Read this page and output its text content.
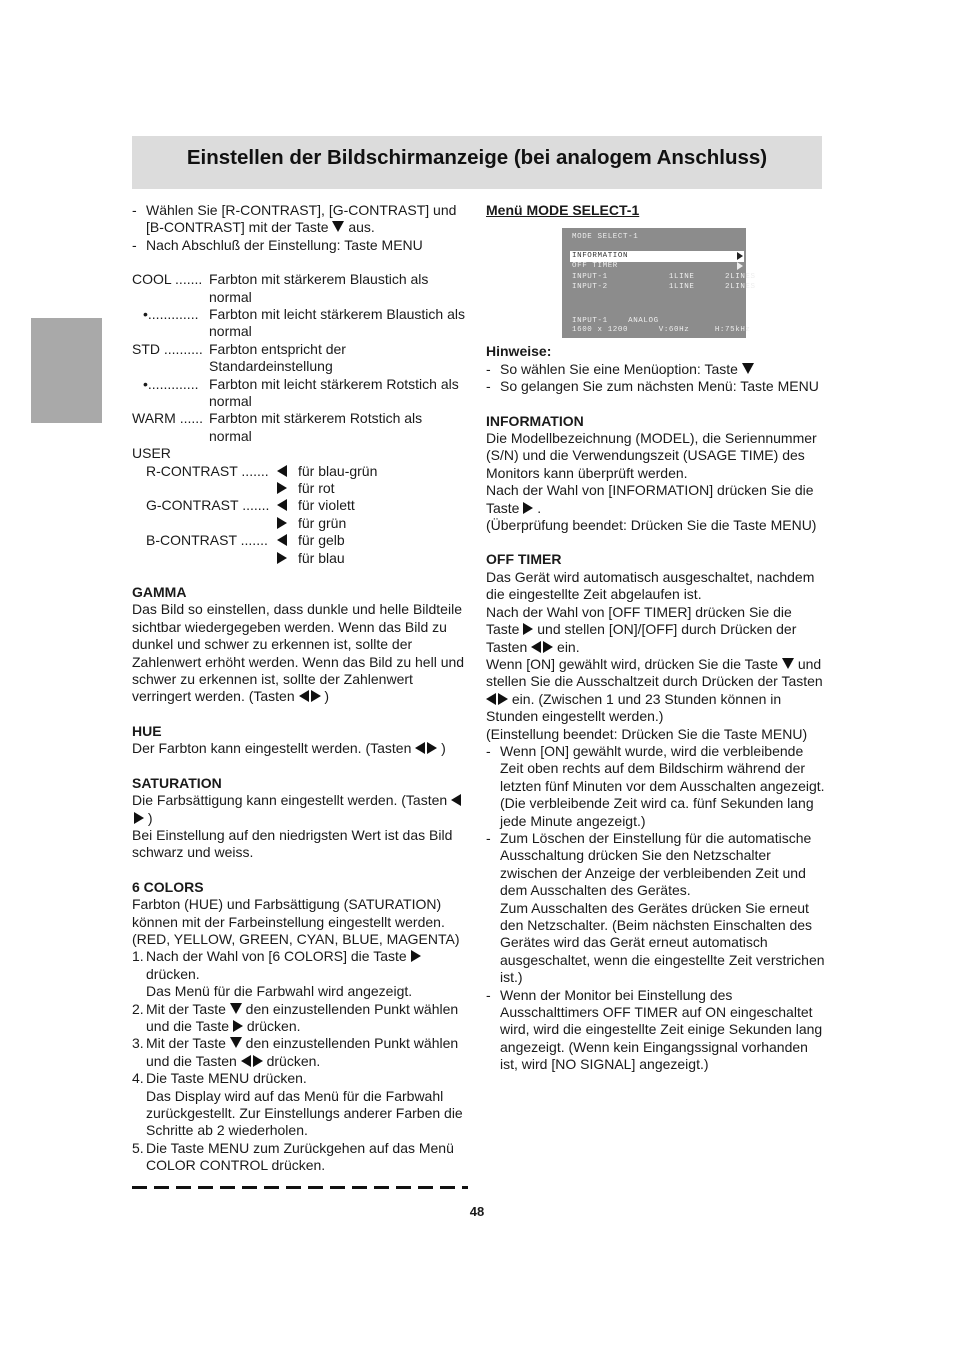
Einstellen der Bildschirmanzeige (bei analogem Anschluss)

- Wählen Sie [R-CONTRAST], [G-CONTRAST] und [B-CONTRAST] mit der Taste aus.

- Nach Abschluß der Einstellung: Taste MENU

COOL ....... Farbton mit stärkerem Blaustich als normal
•............. Farbton mit leicht stärkerem Blaustich als normal
STD .......... Farbton entspricht der Standardeinstellung
•............. Farbton mit leicht stärkerem Rotstich als normal
WARM ...... Farbton mit stärkerem Rotstich als normal

USER

R-CONTRAST ....... für blau-grün
für rot
G-CONTRAST ....... für violett
für grün
B-CONTRAST ....... für gelb
für blau

GAMMA

Das Bild so einstellen, dass dunkle und helle Bildteile sichtbar wiedergegeben werden. Wenn das Bild zu dunkel und schwer zu erkennen ist, sollte der Zahlenwert erhöht werden. Wenn das Bild zu hell und schwer zu erkennen ist, sollte der Zahlenwert verringert werden. (Tasten )

HUE

Der Farbton kann eingestellt werden. (Tasten )

SATURATION

Die Farbsättigung kann eingestellt werden. (Tasten  )

Bei Einstellung auf den niedrigsten Wert ist das Bild schwarz und weiss.

6 COLORS

Farbton (HUE) und Farbsättigung (SATURATION) können mit der Farbeinstellung eingestellt werden. (RED, YELLOW, GREEN, CYAN, BLUE, MAGENTA)

1. Nach der Wahl von [6 COLORS] die Taste  drücken.
Das Menü für die Farbwahl wird angezeigt.
2. Mit der Taste den einzustellenden Punkt wählen und die Taste drücken.
3. Mit der Taste den einzustellenden Punkt wählen und die Tasten drücken.
4. Die Taste MENU drücken.
Das Display wird auf das Menü für die Farbwahl zurückgestellt. Zur Einstellungs anderer Farben die Schritte ab 2 wiederholen.
5. Die Taste MENU zum Zurückgehen auf das Menü COLOR CONTROL drücken.

Menü MODE SELECT-1

MODE SELECT-1
INFORMATION
OFF TIMER
INPUT-1            1LINE      2LINES
INPUT-2            1LINE      2LINES
INPUT-1    ANALOG
1600 x 1200      V:60Hz     H:75kHz

Hinweise:

- So wählen Sie eine Menüoption: Taste

- So gelangen Sie zum nächsten Menü: Taste MENU

INFORMATION

Die Modellbezeichnung (MODEL), die Seriennummer (S/N) und die Verwendungszeit (USAGE TIME) des Monitors kann überprüft werden.

Nach der Wahl von [INFORMATION] drücken Sie die Taste .

(Überprüfung beendet: Drücken Sie die Taste MENU)

OFF TIMER

Das Gerät wird automatisch ausgeschaltet, nachdem die eingestellte Zeit abgelaufen ist.

Nach der Wahl von [OFF TIMER] drücken Sie die Taste und stellen [ON]/[OFF] durch Drücken der Tasten ein.

Wenn [ON] gewählt wird, drücken Sie die Taste und stellen Sie die Ausschaltzeit durch Drücken der Tasten  ein. (Zwischen 1 und 23 Stunden können in Stunden eingestellt werden.)

(Einstellung beendet: Drücken Sie die Taste MENU)

- Wenn [ON] gewählt wurde, wird die verbleibende Zeit oben rechts auf dem Bildschirm während der letzten fünf Minuten vor dem Ausschalten angezeigt. (Die verbleibende Zeit wird ca. fünf Sekunden lang jede Minute angezeigt.)

- Zum Löschen der Einstellung für die automatische Ausschaltung drücken Sie den Netzschalter zwischen der Anzeige der verbleibenden Zeit und dem Ausschalten des Gerätes.
Zum Ausschalten des Gerätes drücken Sie erneut den Netzschalter. (Beim nächsten Einschalten des Gerätes wird das Gerät erneut automatisch ausgeschaltet, wenn die eingestellte Zeit verstrichen ist.)

- Wenn der Monitor bei Einstellung des Ausschalttimers OFF TIMER auf ON eingeschaltet wird, wird die eingestellte Zeit einige Sekunden lang angezeigt. (Wenn kein Eingangssignal vorhanden ist, wird [NO SIGNAL] angezeigt.)

48
